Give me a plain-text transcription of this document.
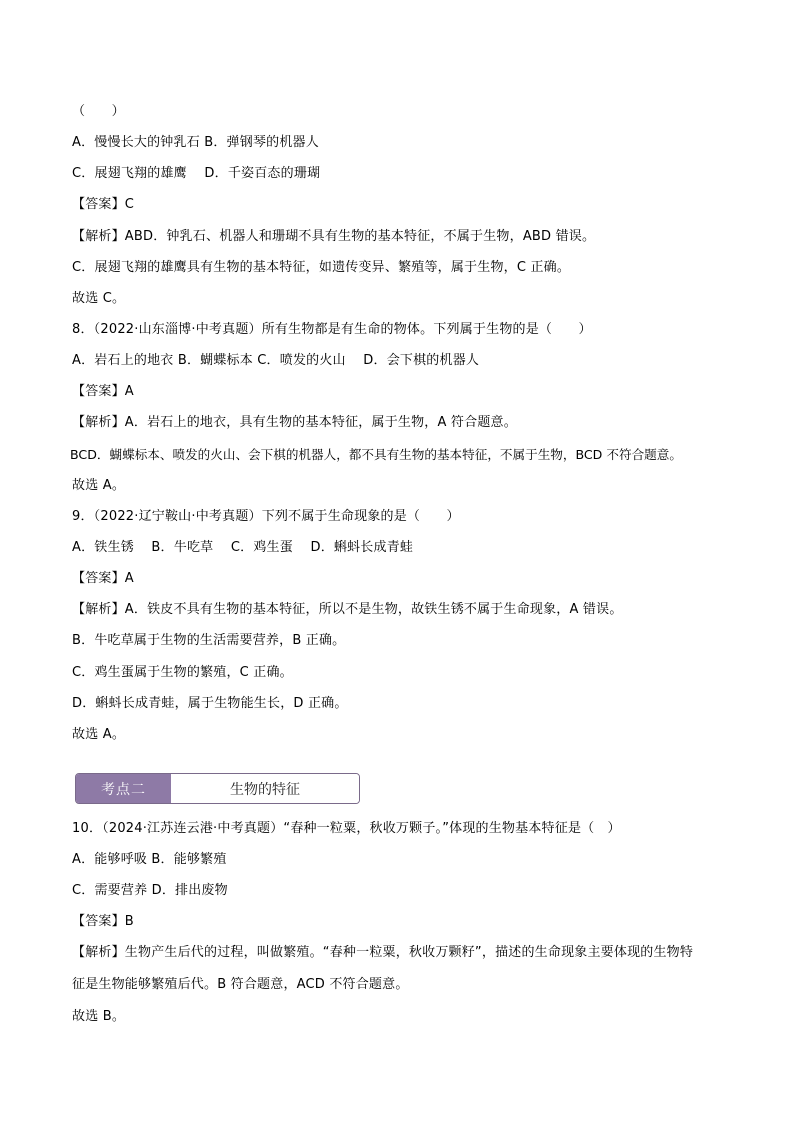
（　　）
A．慢慢长大的钟乳石 B．弹钢琴的机器人
C．展翅飞翔的雄鹰　 D．千姿百态的珊瑚
【答案】C
【解析】ABD．钟乳石、机器人和珊瑚不具有生物的基本特征，不属于生物，ABD 错误。
C．展翅飞翔的雄鹰具有生物的基本特征，如遗传变异、繁殖等，属于生物，C 正确。
故选 C。
8．（2022·山东淄博·中考真题）所有生物都是有生命的物体。下列属于生物的是（　　）
A．岩石上的地衣 B．蝴蝶标本 C．喷发的火山　 D．会下棋的机器人
【答案】A
【解析】A．岩石上的地衣，具有生物的基本特征，属于生物，A 符合题意。
BCD．蝴蝶标本、喷发的火山、会下棋的机器人，都不具有生物的基本特征，不属于生物，BCD 不符合题意。
故选 A。
9．（2022·辽宁鞍山·中考真题）下列不属于生命现象的是（　　）
A．铁生锈　 B．牛吃草　 C．鸡生蛋　 D．蝌蚪长成青蛙
【答案】A
【解析】A．铁皮不具有生物的基本特征，所以不是生物，故铁生锈不属于生命现象，A 错误。
B．牛吃草属于生物的生活需要营养，B 正确。
C．鸡生蛋属于生物的繁殖，C 正确。
D．蝌蚪长成青蛙，属于生物能生长，D 正确。
故选 A。
考点二	生物的特征
10．（2024·江苏连云港·中考真题）“春种一粒粟，秋收万颗子。”体现的生物基本特征是（　）
A．能够呼吸 B．能够繁殖
C．需要营养 D．排出废物
【答案】B
【解析】生物产生后代的过程，叫做繁殖。“春种一粒粟，秋收万颗籽”，描述的生命现象主要体现的生物特
征是生物能够繁殖后代。B 符合题意，ACD 不符合题意。
故选 B。
